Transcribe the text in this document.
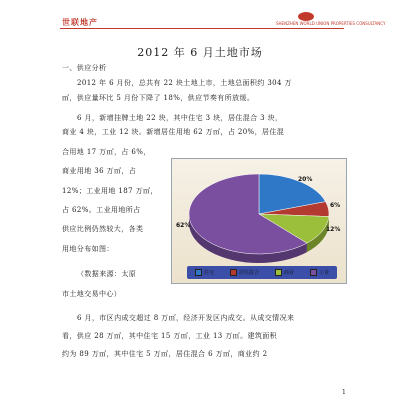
世联地产	SHENZHEN WORLD UNION PROPERTIES CONSULTANCY
2012 年 6 月土地市场
一、供应分析
2012 年 6 月份，总共有 22 块土地上市，土地总面积约 304 万
㎡，供应量环比 5 月份下降了 18%，供应节奏有所放缓。
6 月，新增挂牌土地 22 块，其中住宅 3 块，居住混合 3 块，
商业 4 块，工业 12 块。新增居住用地 62 万㎡，占 20%，居住混
合用地 17 万㎡，占 6%，
商业用地 36 万㎡，占
12%；工业用地 187 万㎡，
占 62%。工业用地所占
供应比例仍然较大，各类
用地分布如图：
（数据来源：太原
市土地交易中心）
6 月，市区内成交超过 8 万㎡，经济开发区内成交。从成交情况来
看，供应 28 万㎡，其中住宅 15 万㎡，工业 13 万㎡。建筑面积
约为 89 万㎡，其中住宅 5 万㎡，居住混合 6 万㎡，商业约 2
20%
6%
12%
62%
住宅	居住混合	商业	工业
1
